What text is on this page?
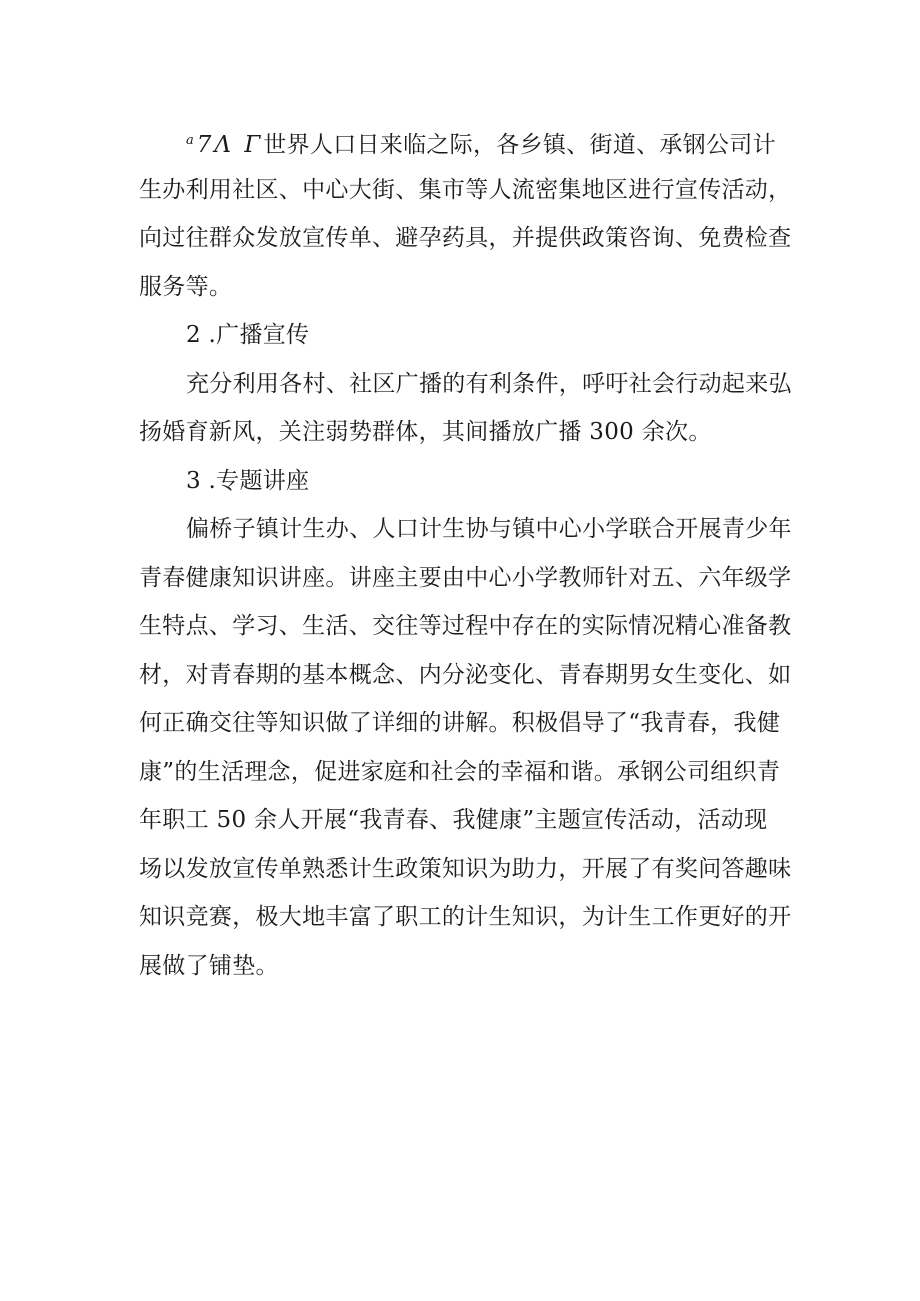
$^a$7Λ Γ世界人口日来临之际，各乡镇、街道、承钢公司计
生办利用社区、中心大街、集市等人流密集地区进行宣传活动，
向过往群众发放宣传单、避孕药具，并提供政策咨询、免费检查
服务等。
2 .广播宣传
充分利用各村、社区广播的有利条件，呼吁社会行动起来弘
扬婚育新风，关注弱势群体，其间播放广播 300 余次。
3 .专题讲座
偏桥子镇计生办、人口计生协与镇中心小学联合开展青少年
青春健康知识讲座。讲座主要由中心小学教师针对五、六年级学
生特点、学习、生活、交往等过程中存在的实际情况精心准备教
材，对青春期的基本概念、内分泌变化、青春期男女生变化、如
何正确交往等知识做了详细的讲解。积极倡导了“我青春，我健
康”的生活理念，促进家庭和社会的幸福和谐。承钢公司组织青
年职工 50 余人开展“我青春、我健康”主题宣传活动，活动现
场以发放宣传单熟悉计生政策知识为助力，开展了有奖问答趣味
知识竞赛，极大地丰富了职工的计生知识，为计生工作更好的开
展做了铺垫。
